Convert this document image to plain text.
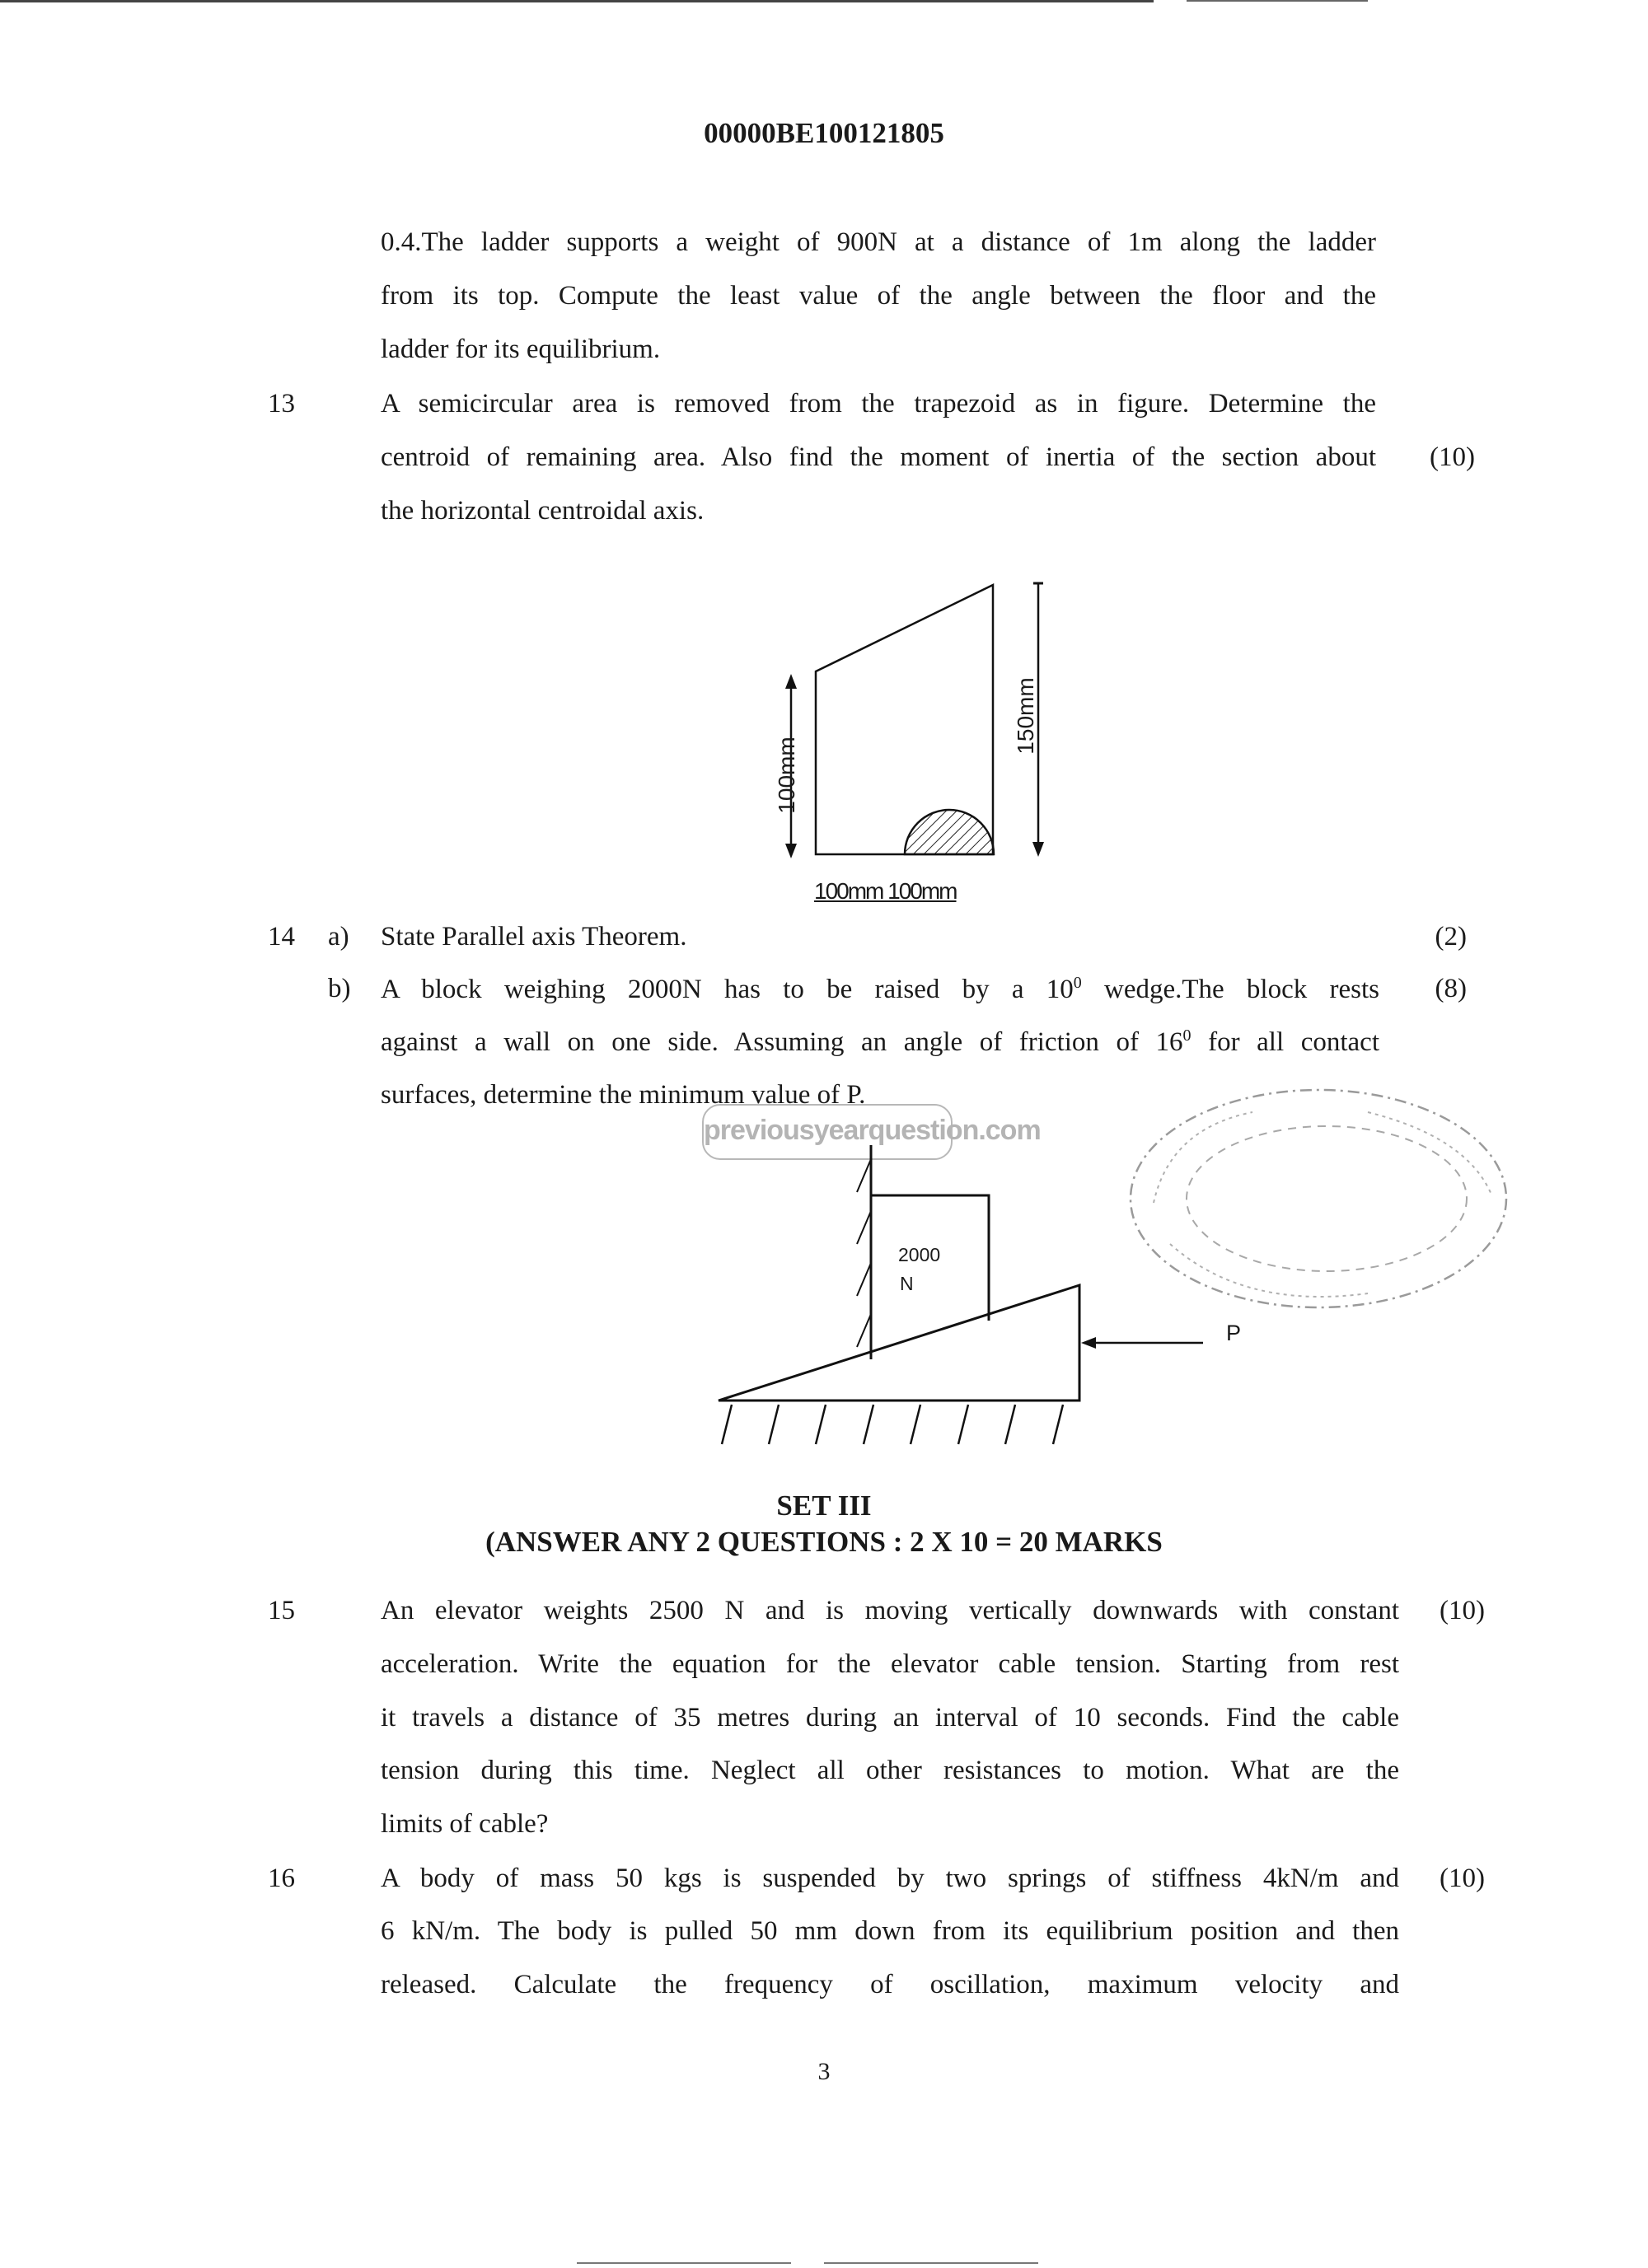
00000BE100121805
0.4.The ladder supports a weight of 900N at a distance of 1m along the ladder
from its top. Compute the least value of the angle between the floor and the
ladder for its equilibrium.
13	A semicircular area is removed from the trapezoid as in figure. Determine the
centroid of remaining area. Also find the moment of inertia of the section about	(10)
the horizontal centroidal axis.
100mm
150mm
100mm 100mm
14 a) State Parallel axis Theorem.	(2)
b) A block weighing 2000N has to be raised by a $10^0$ wedge.The block rests	(8)
against a wall on one side. Assuming an angle of friction of $16^0$ for all contact
surfaces, determine the minimum value of P.
previousyearquestion.com
2000
N
P
SET III
(ANSWER ANY 2 QUESTIONS : 2 X 10 = 20 MARKS
15	An elevator weights 2500 N and is moving vertically downwards with constant	(10)
acceleration. Write the equation for the elevator cable tension. Starting from rest
it travels a distance of 35 metres during an interval of 10 seconds. Find the cable
tension during this time. Neglect all other resistances to motion. What are the
limits of cable?
16	A body of mass 50 kgs is suspended by two springs of stiffness 4kN/m and	(10)
6 kN/m. The body is pulled 50 mm down from its equilibrium position and then
released. Calculate the frequency of oscillation, maximum velocity and
3
